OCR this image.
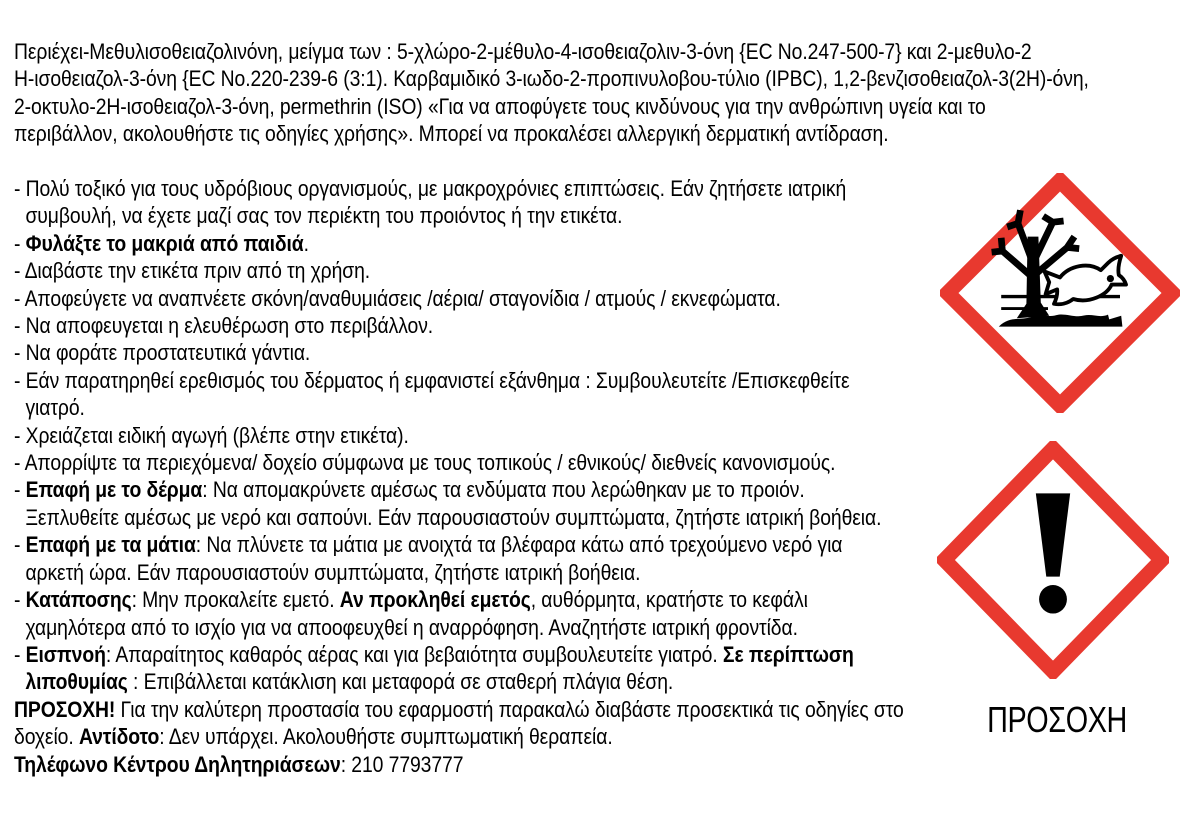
Περιέχει-Μεθυλισοθειαζολινόνη, μείγμα των : 5-χλώρο-2-μέθυλο-4-ισοθειαζολιν-3-όνη {EC No.247-500-7} και 2-μεθυλο-2
Η-ισοθειαζολ-3-όνη {EC No.220-239-6 (3:1). Καρβαμιδικό 3-ιωδο-2-προπινυλοβου-τύλιο (IPBC), 1,2-βενζισοθειαζολ-3(2Η)-όνη,
2-οκτυλο-2Η-ισοθειαζολ-3-όνη, permethrin (ISO) «Για να αποφύγετε τους κινδύνους για την ανθρώπινη υγεία και το
περιβάλλον, ακολουθήστε τις οδηγίες χρήσης». Μπορεί να προκαλέσει αλλεργική δερματική αντίδραση.
- Πολύ τοξικό για τους υδρόβιους οργανισμούς, με μακροχρόνιες επιπτώσεις. Εάν ζητήσετε ιατρική
συμβουλή, να έχετε μαζί σας τον περιέκτη του προιόντος ή την ετικέτα.
- Φυλάξτε το μακριά από παιδιά.
- Διαβάστε την ετικέτα πριν από τη χρήση.
- Αποφεύγετε να αναπνέετε σκόνη/αναθυμιάσεις /αέρια/ σταγονίδια / ατμούς / εκνεφώματα.
- Να αποφευγεται η ελευθέρωση στο περιβάλλον.
- Να φοράτε προστατευτικά γάντια.
- Εάν παρατηρηθεί ερεθισμός του δέρματος ή εμφανιστεί εξάνθημα : Συμβουλευτείτε /Επισκεφθείτε
γιατρό.
- Χρειάζεται ειδική αγωγή (βλέπε στην ετικέτα).
- Απορρίψτε τα περιεχόμενα/ δοχείο σύμφωνα με τους τοπικούς / εθνικούς/ διεθνείς κανονισμούς.
- Επαφή με το δέρμα: Να απομακρύνετε αμέσως τα ενδύματα που λερώθηκαν με το προιόν.
Ξεπλυθείτε αμέσως με νερό και σαπούνι. Εάν παρουσιαστούν συμπτώματα, ζητήστε ιατρική βοήθεια.
- Επαφή με τα μάτια: Να πλύνετε τα μάτια με ανοιχτά τα βλέφαρα κάτω από τρεχούμενο νερό για
αρκετή ώρα. Εάν παρουσιαστούν συμπτώματα, ζητήστε ιατρική βοήθεια.
- Κατάποσης: Μην προκαλείτε εμετό. Αν προκληθεί εμετός, αυθόρμητα, κρατήστε το κεφάλι
χαμηλότερα από το ισχίο για να αποοφευχθεί η αναρρόφηση. Αναζητήστε ιατρική φροντίδα.
- Εισπνοή: Απαραίτητος καθαρός αέρας και για βεβαιότητα συμβουλευτείτε γιατρό. Σε περίπτωση
λιποθυμίας : Επιβάλλεται κατάκλιση και μεταφορά σε σταθερή πλάγια θέση.
ΠΡΟΣΟΧΗ! Για την καλύτερη προστασία του εφαρμοστή παρακαλώ διαβάστε προσεκτικά τις οδηγίες στο
δοχείο. Αντίδοτο: Δεν υπάρχει. Ακολουθήστε συμπτωματική θεραπεία.
Τηλέφωνο Κέντρου Δηλητηριάσεων: 210 7793777
ΠΡΟΣΟΧΗ
